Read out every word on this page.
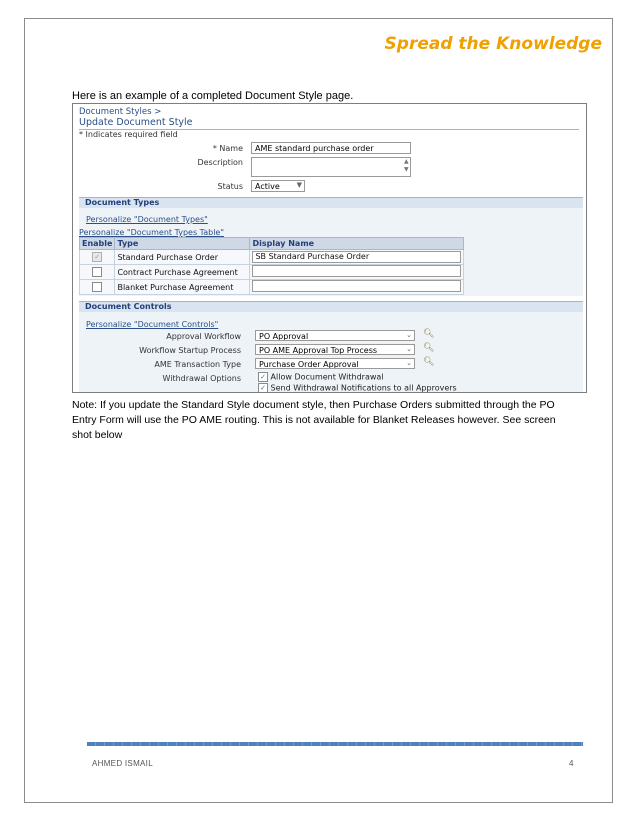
Spread the Knowledge
Here is an example of a completed Document Style page.
Document Styles >
Update Document Style
* Indicates required field
* Name	AME standard purchase order
Description	▲
▼
Status	Active ▼
Document Types
Personalize "Document Types"
Personalize "Document Types Table"
Enable	Type	Display Name
✓	Standard Purchase Order	SB Standard Purchase Order
	Contract Purchase Agreement	
	Blanket Purchase Agreement	
Document Controls
Personalize "Document Controls"
Approval Workflow	PO Approval	⌄ 🔍︎
Workflow Startup Process	PO AME Approval Top Process	⌄ 🔍︎
AME Transaction Type	Purchase Order Approval	⌄ 🔍︎
Withdrawal Options	✓ Allow Document Withdrawal
✓ Send Withdrawal Notifications to all Approvers
Note: If you update the Standard Style document style, then Purchase Orders submitted through the PO Entry Form will use the PO AME routing. This is not available for Blanket Releases however. See screen shot below
AHMED ISMAIL	4
